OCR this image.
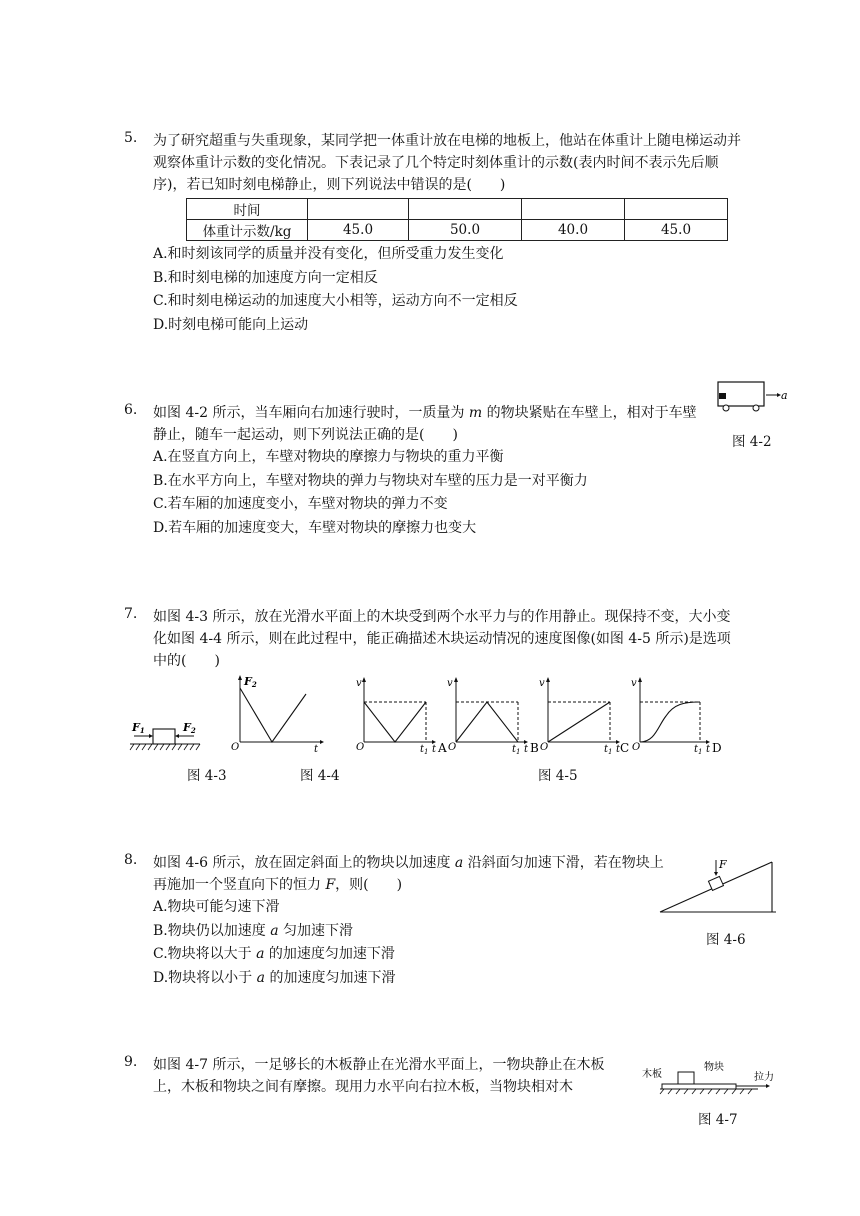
5. 为了研究超重与失重现象，某同学把一体重计放在电梯的地板上，他站在体重计上随电梯运动并观察体重计示数的变化情况。下表记录了几个特定时刻体重计的示数(表内时间不表示先后顺序)，若已知时刻电梯静止，则下列说法中错误的是(　　)
时间				
体重计示数/kg	45.0	50.0	40.0	45.0
A.和时刻该同学的质量并没有变化，但所受重力发生变化
B.和时刻电梯的加速度方向一定相反
C.和时刻电梯运动的加速度大小相等，运动方向不一定相反
D.时刻电梯可能向上运动
6. 如图 4-2 所示，当车厢向右加速行驶时，一质量为 m 的物块紧贴在车壁上，相对于车壁静止，随车一起运动，则下列说法正确的是(　　)
A.在竖直方向上，车壁对物块的摩擦力与物块的重力平衡
B.在水平方向上，车壁对物块的弹力与物块对车壁的压力是一对平衡力
C.若车厢的加速度变小，车壁对物块的弹力不变
D.若车厢的加速度变大，车壁对物块的摩擦力也变大
a
图 4-2
7. 如图 4-3 所示，放在光滑水平面上的木块受到两个水平力与的作用静止。现保持不变，大小变化如图 4-4 所示，则在此过程中，能正确描述木块运动情况的速度图像(如图 4-5 所示)是选项中的(　　)
F1	F2
图 4-3
F2
O	t
图 4-4
v
O	$t_1$ t A
v
O	$t_1$ t B
v
O	$t_1$ t C
v
O	$t_1$ t D
图 4-5
8. 如图 4-6 所示，放在固定斜面上的物块以加速度 a 沿斜面匀加速下滑，若在物块上再施加一个竖直向下的恒力 F，则(　　)
A.物块可能匀速下滑
B.物块仍以加速度 a 匀加速下滑
C.物块将以大于 a 的加速度匀加速下滑
D.物块将以小于 a 的加速度匀加速下滑
F
图 4-6
9. 如图 4-7 所示，一足够长的木板静止在光滑水平面上，一物块静止在木板上，木板和物块之间有摩擦。现用力水平向右拉木板，当物块相对木
木板
物块
拉力
图 4-7
